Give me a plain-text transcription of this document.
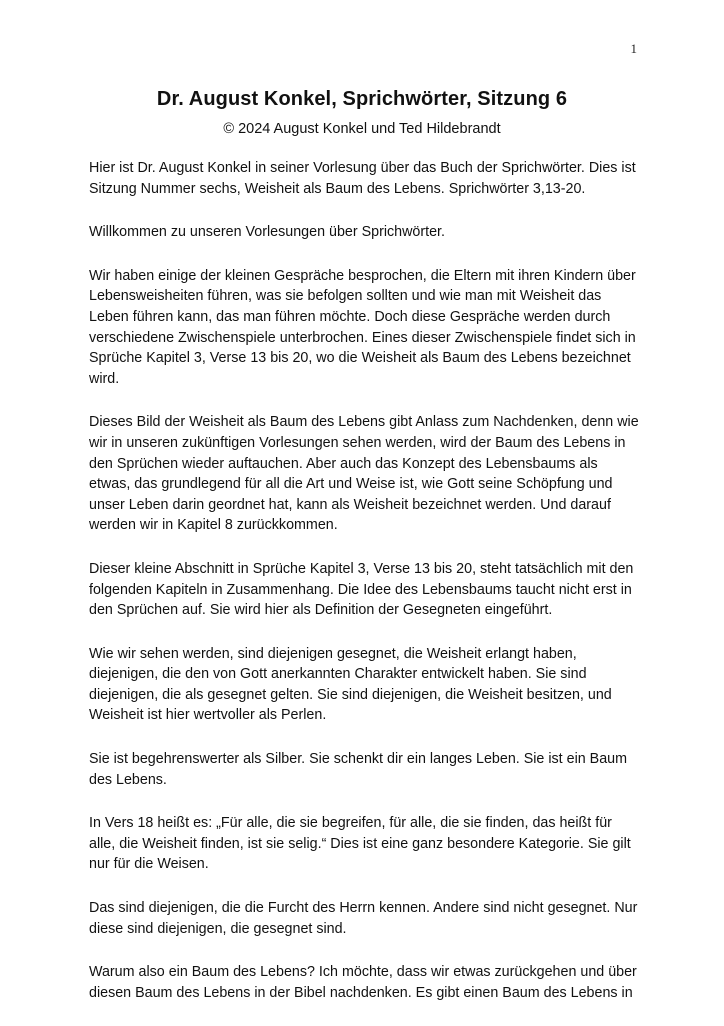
1
Dr. August Konkel, Sprichwörter, Sitzung 6
© 2024 August Konkel und Ted Hildebrandt

Hier ist Dr. August Konkel in seiner Vorlesung über das Buch der Sprichwörter. Dies ist Sitzung Nummer sechs, Weisheit als Baum des Lebens. Sprichwörter 3,13-20.

Willkommen zu unseren Vorlesungen über Sprichwörter.

Wir haben einige der kleinen Gespräche besprochen, die Eltern mit ihren Kindern über Lebensweisheiten führen, was sie befolgen sollten und wie man mit Weisheit das Leben führen kann, das man führen möchte. Doch diese Gespräche werden durch verschiedene Zwischenspiele unterbrochen. Eines dieser Zwischenspiele findet sich in Sprüche Kapitel 3, Verse 13 bis 20, wo die Weisheit als Baum des Lebens bezeichnet wird.

Dieses Bild der Weisheit als Baum des Lebens gibt Anlass zum Nachdenken, denn wie wir in unseren zukünftigen Vorlesungen sehen werden, wird der Baum des Lebens in den Sprüchen wieder auftauchen. Aber auch das Konzept des Lebensbaums als etwas, das grundlegend für all die Art und Weise ist, wie Gott seine Schöpfung und unser Leben darin geordnet hat, kann als Weisheit bezeichnet werden. Und darauf werden wir in Kapitel 8 zurückkommen.

Dieser kleine Abschnitt in Sprüche Kapitel 3, Verse 13 bis 20, steht tatsächlich mit den folgenden Kapiteln in Zusammenhang. Die Idee des Lebensbaums taucht nicht erst in den Sprüchen auf. Sie wird hier als Definition der Gesegneten eingeführt.

Wie wir sehen werden, sind diejenigen gesegnet, die Weisheit erlangt haben, diejenigen, die den von Gott anerkannten Charakter entwickelt haben. Sie sind diejenigen, die als gesegnet gelten. Sie sind diejenigen, die Weisheit besitzen, und Weisheit ist hier wertvoller als Perlen.

Sie ist begehrenswerter als Silber. Sie schenkt dir ein langes Leben. Sie ist ein Baum des Lebens.

In Vers 18 heißt es: „Für alle, die sie begreifen, für alle, die sie finden, das heißt für alle, die Weisheit finden, ist sie selig.“ Dies ist eine ganz besondere Kategorie. Sie gilt nur für die Weisen.

Das sind diejenigen, die die Furcht des Herrn kennen. Andere sind nicht gesegnet. Nur diese sind diejenigen, die gesegnet sind.

Warum also ein Baum des Lebens? Ich möchte, dass wir etwas zurückgehen und über diesen Baum des Lebens in der Bibel nachdenken. Es gibt einen Baum des Lebens in
